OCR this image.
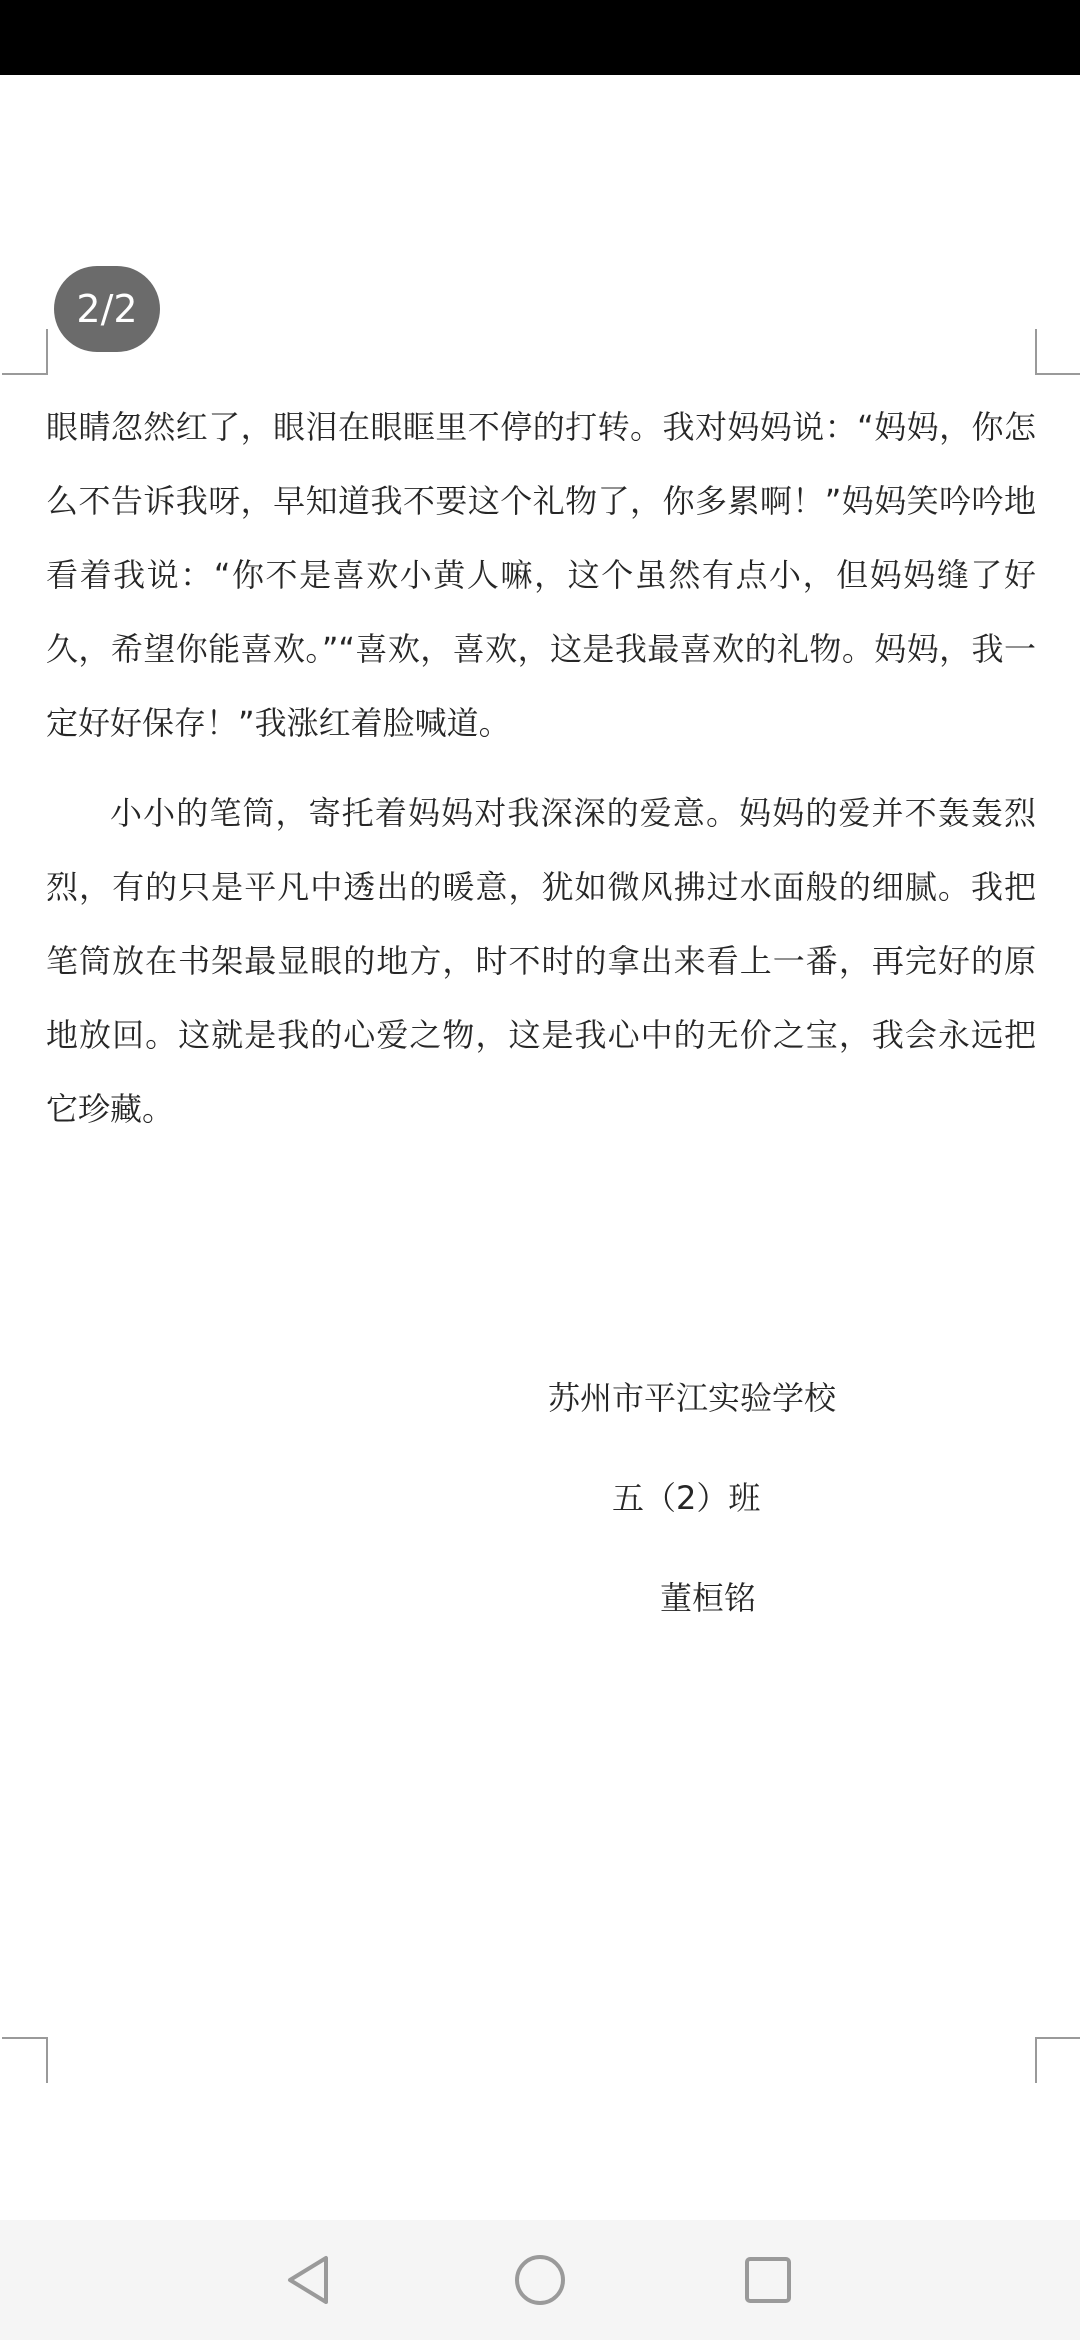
2/2

眼睛忽然红了，眼泪在眼眶里不停的打转。我对妈妈说：“妈妈，你怎么不告诉我呀，早知道我不要这个礼物了，你多累啊！”妈妈笑吟吟地看着我说：“你不是喜欢小黄人嘛，这个虽然有点小，但妈妈缝了好久，希望你能喜欢。”“喜欢，喜欢，这是我最喜欢的礼物。妈妈，我一定好好保存！”我涨红着脸喊道。

小小的笔筒，寄托着妈妈对我深深的爱意。妈妈的爱并不轰轰烈烈，有的只是平凡中透出的暖意，犹如微风拂过水面般的细腻。我把笔筒放在书架最显眼的地方，时不时的拿出来看上一番，再完好的原地放回。这就是我的心爱之物，这是我心中的无价之宝，我会永远把它珍藏。

苏州市平江实验学校
五（2）班
董桓铭
